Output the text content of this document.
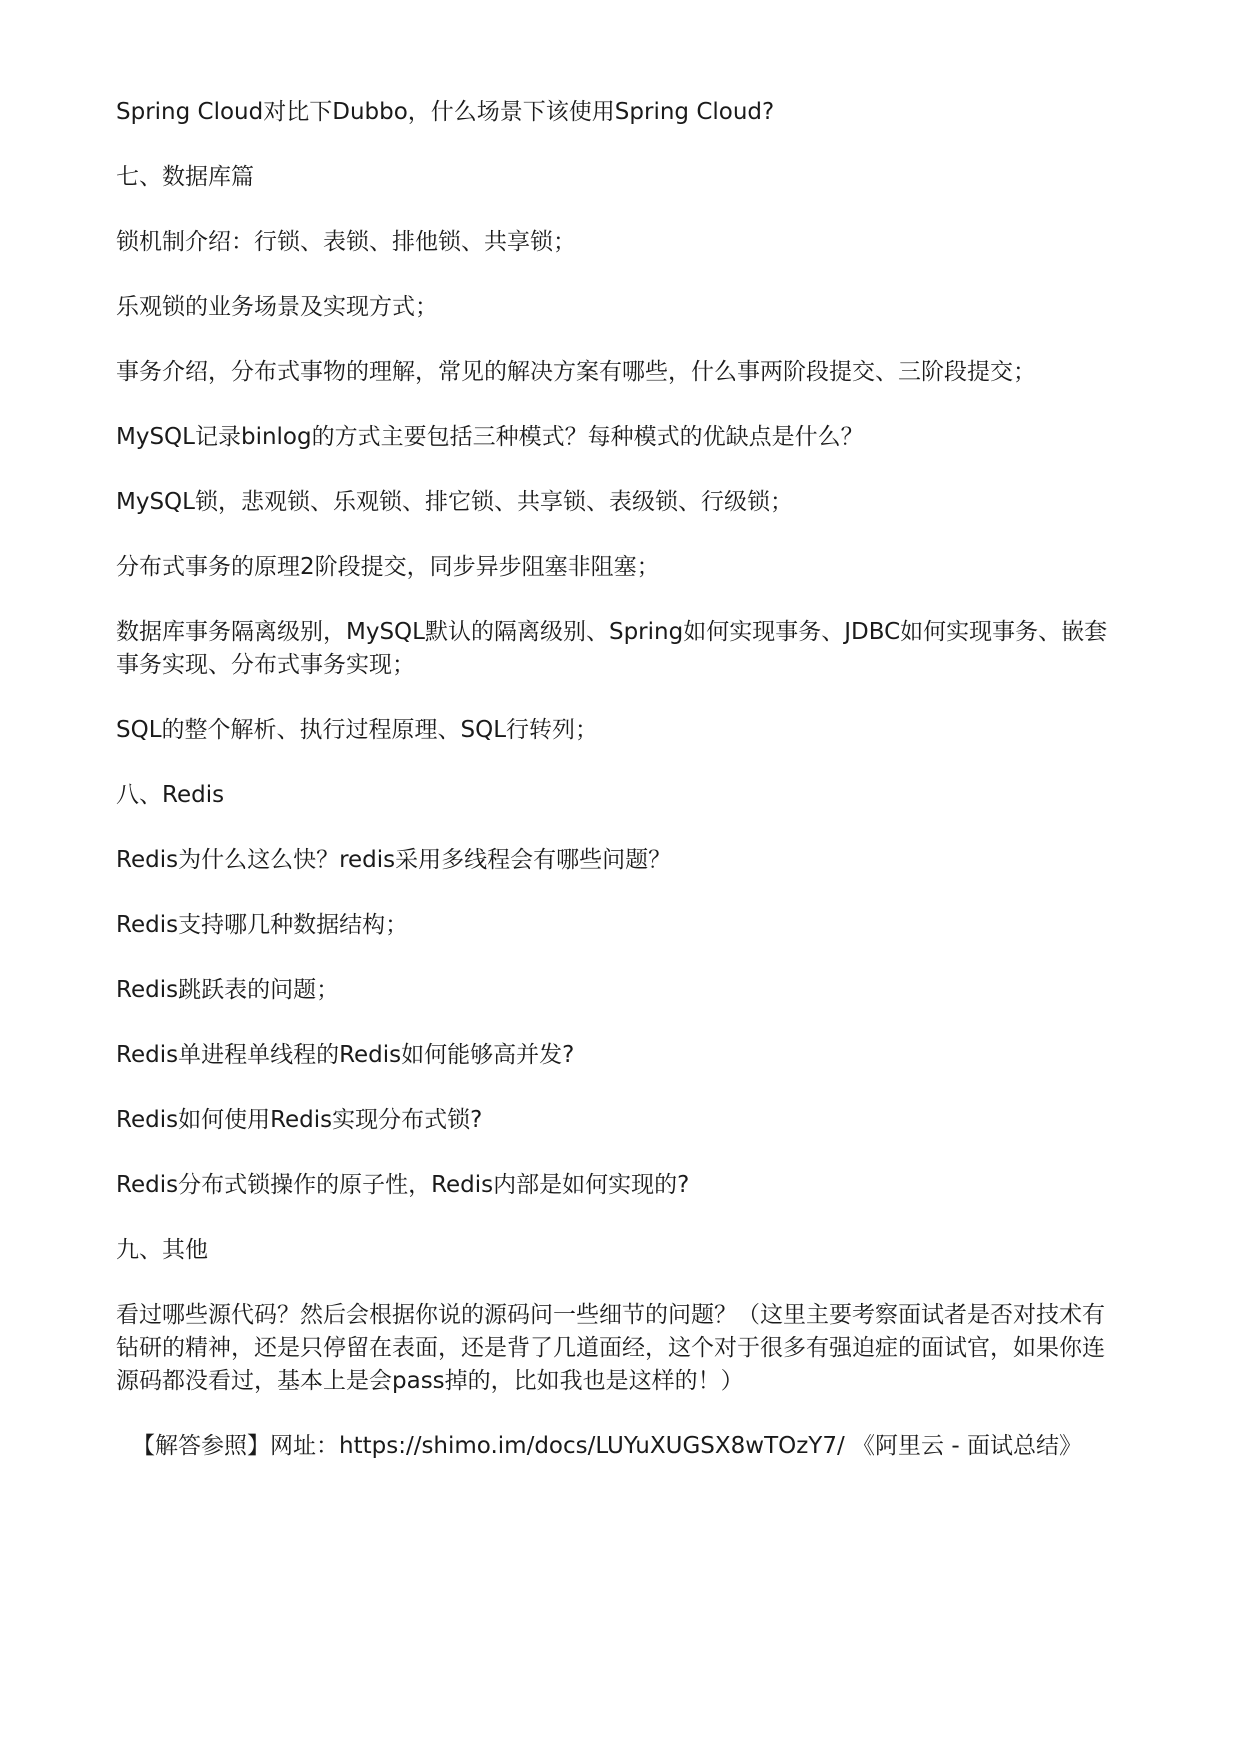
Spring Cloud对比下Dubbo，什么场景下该使用Spring Cloud?

七、数据库篇

锁机制介绍：行锁、表锁、排他锁、共享锁；

乐观锁的业务场景及实现方式；

事务介绍，分布式事物的理解，常见的解决方案有哪些，什么事两阶段提交、三阶段提交；

MySQL记录binlog的方式主要包括三种模式？每种模式的优缺点是什么？

MySQL锁，悲观锁、乐观锁、排它锁、共享锁、表级锁、行级锁；

分布式事务的原理2阶段提交，同步异步阻塞非阻塞；

数据库事务隔离级别，MySQL默认的隔离级别、Spring如何实现事务、JDBC如何实现事务、嵌套事务实现、分布式事务实现；

SQL的整个解析、执行过程原理、SQL行转列；

八、Redis

Redis为什么这么快？redis采用多线程会有哪些问题？

Redis支持哪几种数据结构；

Redis跳跃表的问题；

Redis单进程单线程的Redis如何能够高并发?

Redis如何使用Redis实现分布式锁?

Redis分布式锁操作的原子性，Redis内部是如何实现的?

九、其他

看过哪些源代码？然后会根据你说的源码问一些细节的问题？（这里主要考察面试者是否对技术有钻研的精神，还是只停留在表面，还是背了几道面经，这个对于很多有强迫症的面试官，如果你连源码都没看过，基本上是会pass掉的，比如我也是这样的！）

【解答参照】网址：https://shimo.im/docs/LUYuXUGSX8wTOzY7/ 《阿里云 - 面试总结》
